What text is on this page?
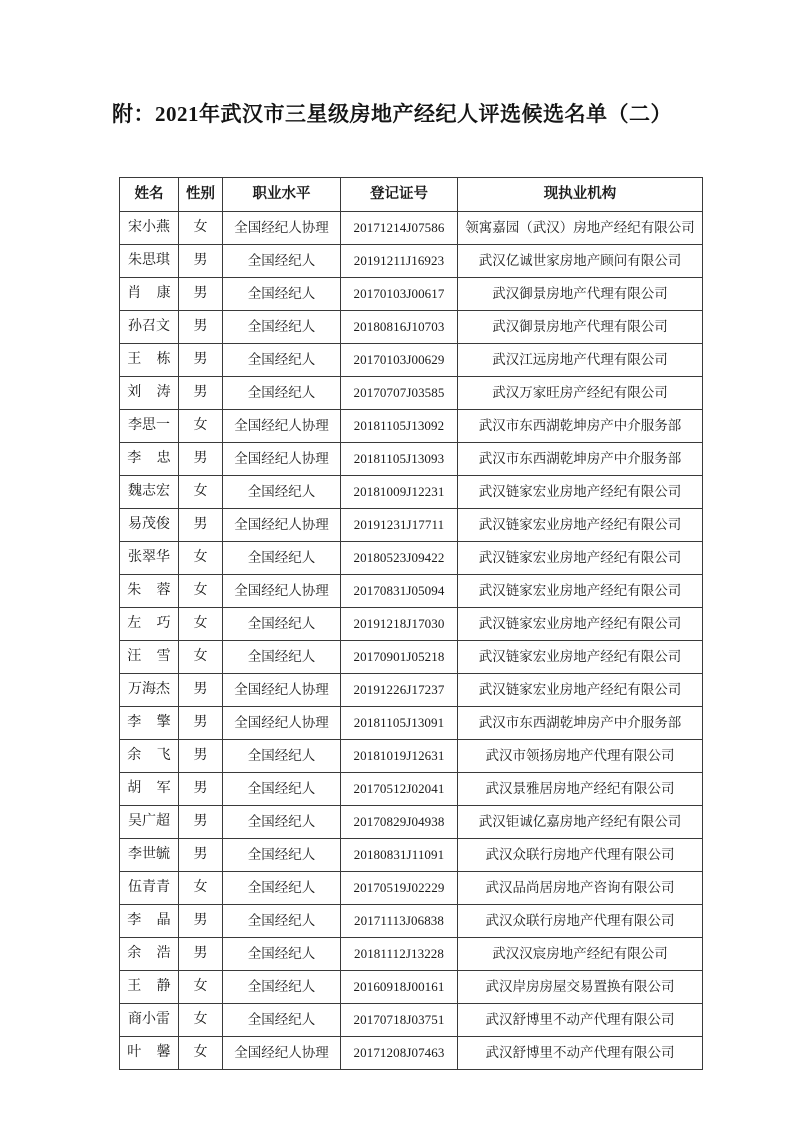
附：2021年武汉市三星级房地产经纪人评选候选名单（二）
姓名	性别	职业水平	登记证号	现执业机构
宋小燕	女	全国经纪人协理	20171214J07586	领寓嘉园（武汉）房地产经纪有限公司
朱思琪	男	全国经纪人	20191211J16923	武汉亿诚世家房地产顾问有限公司
肖康	男	全国经纪人	20170103J00617	武汉御景房地产代理有限公司
孙召文	男	全国经纪人	20180816J10703	武汉御景房地产代理有限公司
王栋	男	全国经纪人	20170103J00629	武汉江远房地产代理有限公司
刘涛	男	全国经纪人	20170707J03585	武汉万家旺房产经纪有限公司
李思一	女	全国经纪人协理	20181105J13092	武汉市东西湖乾坤房产中介服务部
李忠	男	全国经纪人协理	20181105J13093	武汉市东西湖乾坤房产中介服务部
魏志宏	女	全国经纪人	20181009J12231	武汉链家宏业房地产经纪有限公司
易茂俊	男	全国经纪人协理	20191231J17711	武汉链家宏业房地产经纪有限公司
张翠华	女	全国经纪人	20180523J09422	武汉链家宏业房地产经纪有限公司
朱蓉	女	全国经纪人协理	20170831J05094	武汉链家宏业房地产经纪有限公司
左巧	女	全国经纪人	20191218J17030	武汉链家宏业房地产经纪有限公司
汪雪	女	全国经纪人	20170901J05218	武汉链家宏业房地产经纪有限公司
万海杰	男	全国经纪人协理	20191226J17237	武汉链家宏业房地产经纪有限公司
李擎	男	全国经纪人协理	20181105J13091	武汉市东西湖乾坤房产中介服务部
余飞	男	全国经纪人	20181019J12631	武汉市领扬房地产代理有限公司
胡军	男	全国经纪人	20170512J02041	武汉景雅居房地产经纪有限公司
吴广超	男	全国经纪人	20170829J04938	武汉钜诚亿嘉房地产经纪有限公司
李世毓	男	全国经纪人	20180831J11091	武汉众联行房地产代理有限公司
伍青青	女	全国经纪人	20170519J02229	武汉品尚居房地产咨询有限公司
李晶	男	全国经纪人	20171113J06838	武汉众联行房地产代理有限公司
余浩	男	全国经纪人	20181112J13228	武汉汉宸房地产经纪有限公司
王静	女	全国经纪人	20160918J00161	武汉岸房房屋交易置换有限公司
商小雷	女	全国经纪人	20170718J03751	武汉舒博里不动产代理有限公司
叶馨	女	全国经纪人协理	20171208J07463	武汉舒博里不动产代理有限公司
